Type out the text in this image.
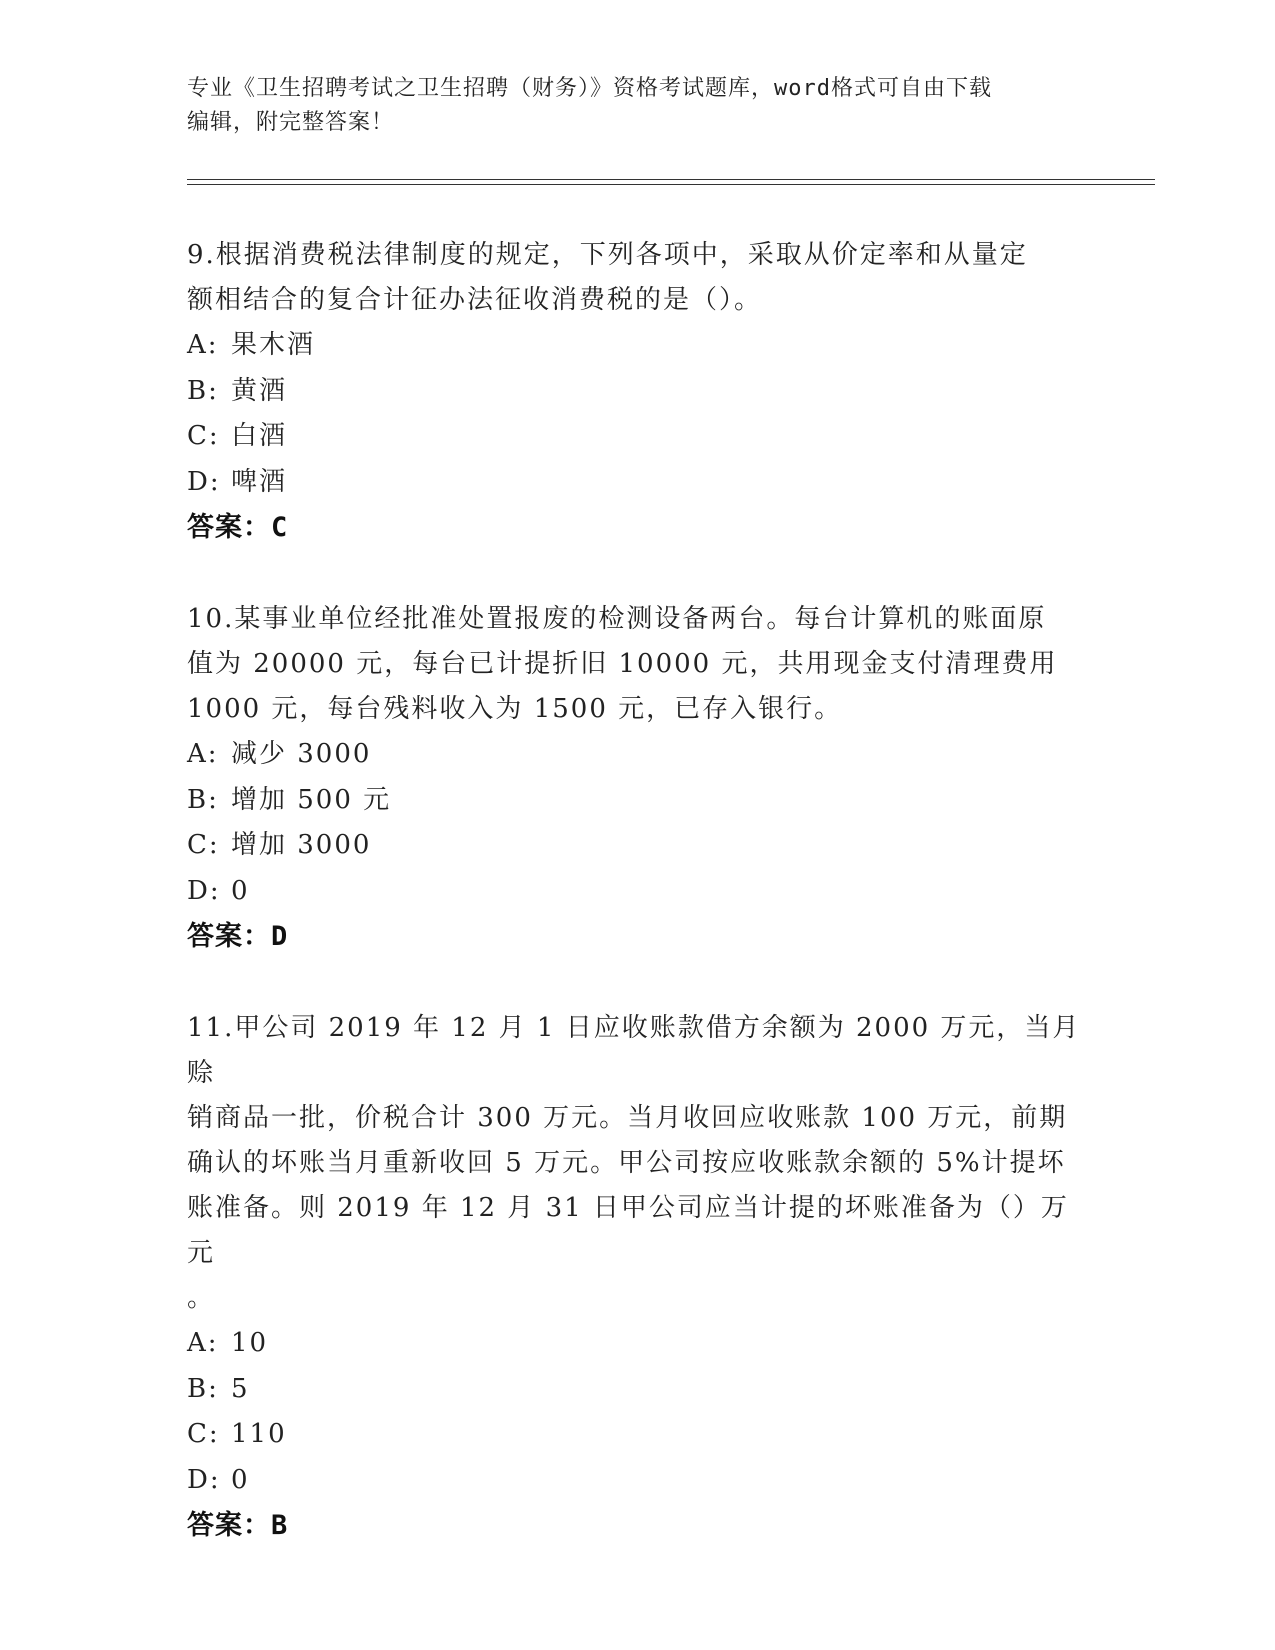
专业《卫生招聘考试之卫生招聘（财务）》资格考试题库，word格式可自由下载
编辑，附完整答案！

9.根据消费税法律制度的规定，下列各项中，采取从价定率和从量定

额相结合的复合计征办法征收消费税的是（）。

A: 果木酒

B: 黄酒

C: 白酒

D: 啤酒

答案：C

10.某事业单位经批准处置报废的检测设备两台。每台计算机的账面原

值为 20000 元，每台已计提折旧 10000 元，共用现金支付清理费用

1000 元，每台残料收入为 1500 元，已存入银行。

A: 减少 3000

B: 增加 500 元

C: 增加 3000

D: 0

答案：D

11.甲公司 2019 年 12 月 1 日应收账款借方余额为 2000 万元，当月赊

销商品一批，价税合计 300 万元。当月收回应收账款 100 万元，前期

确认的坏账当月重新收回 5 万元。甲公司按应收账款余额的 5%计提坏

账准备。则 2019 年 12 月 31 日甲公司应当计提的坏账准备为（）万元

。

A: 10

B: 5

C: 110

D: 0

答案：B
